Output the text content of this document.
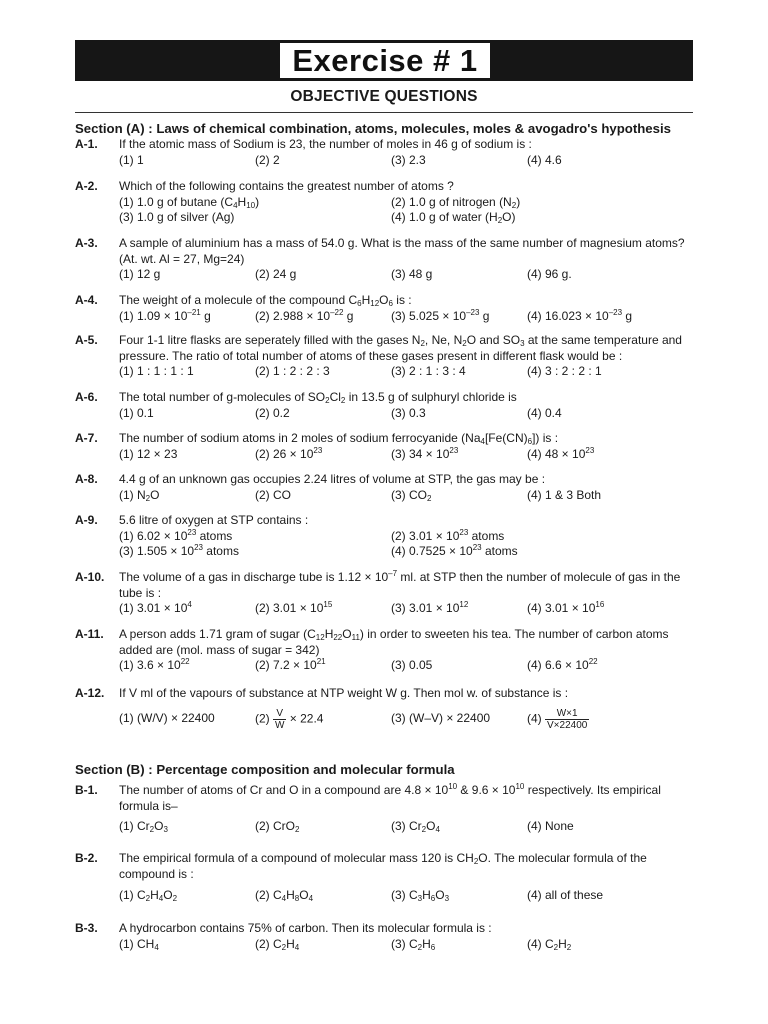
Exercise # 1
OBJECTIVE QUESTIONS
Section (A) : Laws of chemical combination, atoms, molecules, moles & avogadro's hypothesis
A-1. If the atomic mass of Sodium is 23, the number of moles in 46 g of sodium is :
(1) 1	(2) 2	(3) 2.3	(4) 4.6
A-2. Which of the following contains the greatest number of atoms ?
(1) 1.0 g of butane $(C_4H_{10})$	(2) 1.0 g of nitrogen $(N_2)$
(3) 1.0 g of silver (Ag)	(4) 1.0 g of water $(H_2O)$
A-3. A sample of aluminium has a mass of 54.0 g. What is the mass of the same number of magnesium atoms? (At. wt. Al = 27, Mg=24)
(1) 12 g	(2) 24 g	(3) 48 g	(4) 96 g.
A-4. The weight of a molecule of the compound $C_6H_{12}O_6$ is :
(1) $1.09 \times 10^{-21}$ g	(2) $2.988 \times 10^{-22}$ g	(3) $5.025 \times 10^{-23}$ g	(4) $16.023 \times 10^{-23}$ g
A-5. Four 1-1 litre flasks are seperately filled with the gases $N_2$, Ne, $N_2O$ and $SO_3$ at the same temperature and pressure. The ratio of total number of atoms of these gases present in different flask would be :
(1) 1 : 1 : 1 : 1	(2) 1 : 2 : 2 : 3	(3) 2 : 1 : 3 : 4	(4) 3 : 2 : 2 : 1
A-6. The total number of g-molecules of $SO_2Cl_2$ in 13.5 g of sulphuryl chloride is
(1) 0.1	(2) 0.2	(3) 0.3	(4) 0.4
A-7. The number of sodium atoms in 2 moles of sodium ferrocyanide $(Na_4[Fe(CN)_6])$ is :
(1) 12 × 23	(2) $26 \times 10^{23}$	(3) $34 \times 10^{23}$	(4) $48 \times 10^{23}$
A-8. 4.4 g of an unknown gas occupies 2.24 litres of volume at STP, the gas may be :
(1) $N_2O$	(2) CO	(3) $CO_2$	(4) 1 & 3 Both
A-9. 5.6 litre of oxygen at STP contains :
(1) $6.02 \times 10^{23}$ atoms	(2) $3.01 \times 10^{23}$ atoms
(3) $1.505 \times 10^{23}$ atoms	(4) $0.7525 \times 10^{23}$ atoms
A-10. The volume of a gas in discharge tube is $1.12 \times 10^{-7}$ ml. at STP then the number of molecule of gas in the tube is :
(1) $3.01 \times 10^4$	(2) $3.01 \times 10^{15}$	(3) $3.01 \times 10^{12}$	(4) $3.01 \times 10^{16}$
A-11. A person adds 1.71 gram of sugar $(C_{12}H_{22}O_{11})$ in order to sweeten his tea. The number of carbon atoms added are (mol. mass of sugar = 342)
(1) $3.6 \times 10^{22}$	(2) $7.2 \times 10^{21}$	(3) 0.05	(4) $6.6 \times 10^{22}$
A-12. If V ml of the vapours of substance at NTP weight W g. Then mol w. of substance is :
(1) (W/V) × 22400	$(2) \frac{V}{W} \times 22.4$	(3) (W–V) × 22400	$(4) \frac{W\times 1}{V\times 22400}$
Section (B) : Percentage composition and molecular formula
B-1. The number of atoms of Cr and O in a compound are $4.8 \times 10^{10}$ & $9.6 \times 10^{10}$ respectively. Its empirical formula is–
(1) $Cr_2O_3$	(2) CrO$_2$	(3) $Cr_2O_4$	(4) None
B-2. The empirical formula of a compound of molecular mass 120 is $CH_2O$. The molecular formula of the compound is :
(1) $C_2H_4O_2$	(2) $C_4H_8O_4$	(3) $C_3H_6O_3$	(4) all of these
B-3. A hydrocarbon contains 75% of carbon. Then its molecular formula is :
(1) $CH_4$	(2) $C_2H_4$	(3) $C_2H_6$	(4) $C_2H_2$
